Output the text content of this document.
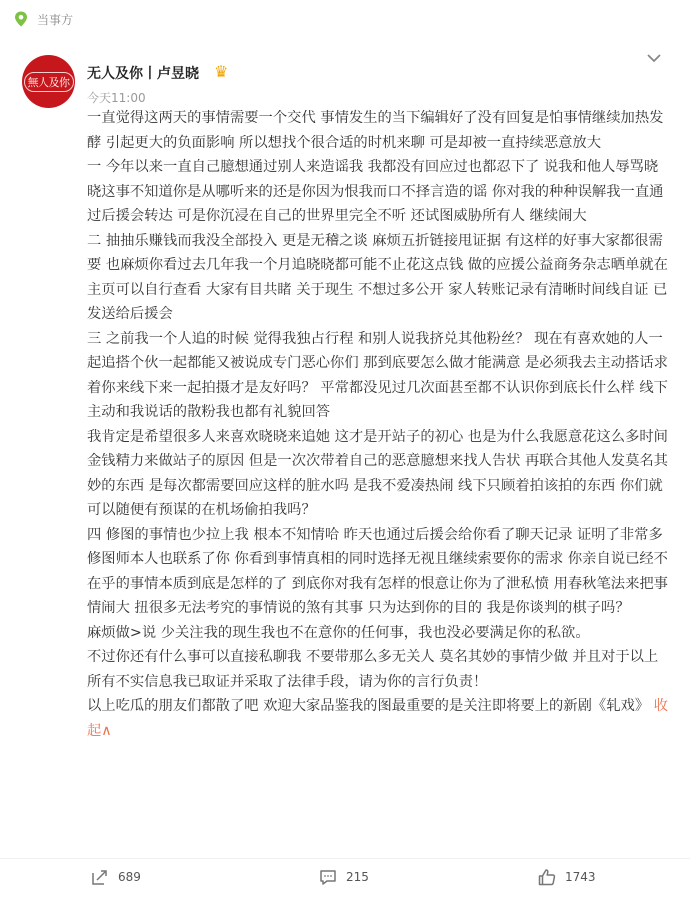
当事方
無人及你 无人及你丨卢昱晓 ♛
今天11:00
一直觉得这两天的事情需要一个交代 事情发生的当下编辑好了没有回复是怕事情继续加热发酵 引起更大的负面影响 所以想找个很合适的时机来聊 可是却被一直持续恶意放大
一 今年以来一直自己臆想通过别人来造谣我 我都没有回应过也都忍下了 说我和他人辱骂晓晓这事不知道你是从哪听来的还是你因为恨我而口不择言造的谣 你对我的种种误解我一直通过后援会转达 可是你沉浸在自己的世界里完全不听 还试图威胁所有人 继续闹大
二 抽抽乐赚钱而我没全部投入 更是无稽之谈 麻烦五折链接甩证据 有这样的好事大家都很需要 也麻烦你看过去几年我一个月追晓晓都可能不止花这点钱 做的应援公益商务杂志晒单就在主页可以自行查看 大家有目共睹 关于现生 不想过多公开 家人转账记录有清晰时间线自证 已发送给后援会
三 之前我一个人追的时候 觉得我独占行程 和别人说我挤兑其他粉丝？ 现在有喜欢她的人一起追搭个伙一起都能又被说成专门恶心你们 那到底要怎么做才能满意 是必须我去主动搭话求着你来线下来一起拍摄才是友好吗？ 平常都没见过几次面甚至都不认识你到底长什么样 线下主动和我说话的散粉我也都有礼貌回答
我肯定是希望很多人来喜欢晓晓来追她 这才是开站子的初心 也是为什么我愿意花这么多时间金钱精力来做站子的原因 但是一次次带着自己的恶意臆想来找人告状 再联合其他人发莫名其妙的东西 是每次都需要回应这样的脏水吗 是我不爱凑热闹 线下只顾着拍该拍的东西 你们就可以随便有预谋的在机场偷拍我吗？
四 修图的事情也少拉上我 根本不知情哈 昨天也通过后援会给你看了聊天记录 证明了非常多 修图师本人也联系了你 你看到事情真相的同时选择无视且继续索要你的需求 你亲自说已经不在乎的事情本质到底是怎样的了 到底你对我有怎样的恨意让你为了泄私愤 用春秋笔法来把事情闹大 扭很多无法考究的事情说的煞有其事 只为达到你的目的 我是你谈判的棋子吗？
麻烦做>说 少关注我的现生我也不在意你的任何事，我也没必要满足你的私欲。
不过你还有什么事可以直接私聊我 不要带那么多无关人 莫名其妙的事情少做 并且对于以上所有不实信息我已取证并采取了法律手段，请为你的言行负责！
以上吃瓜的朋友们都散了吧 欢迎大家品鉴我的图最重要的是关注即将要上的新剧《轧戏》 收起∧
689	215	1743
